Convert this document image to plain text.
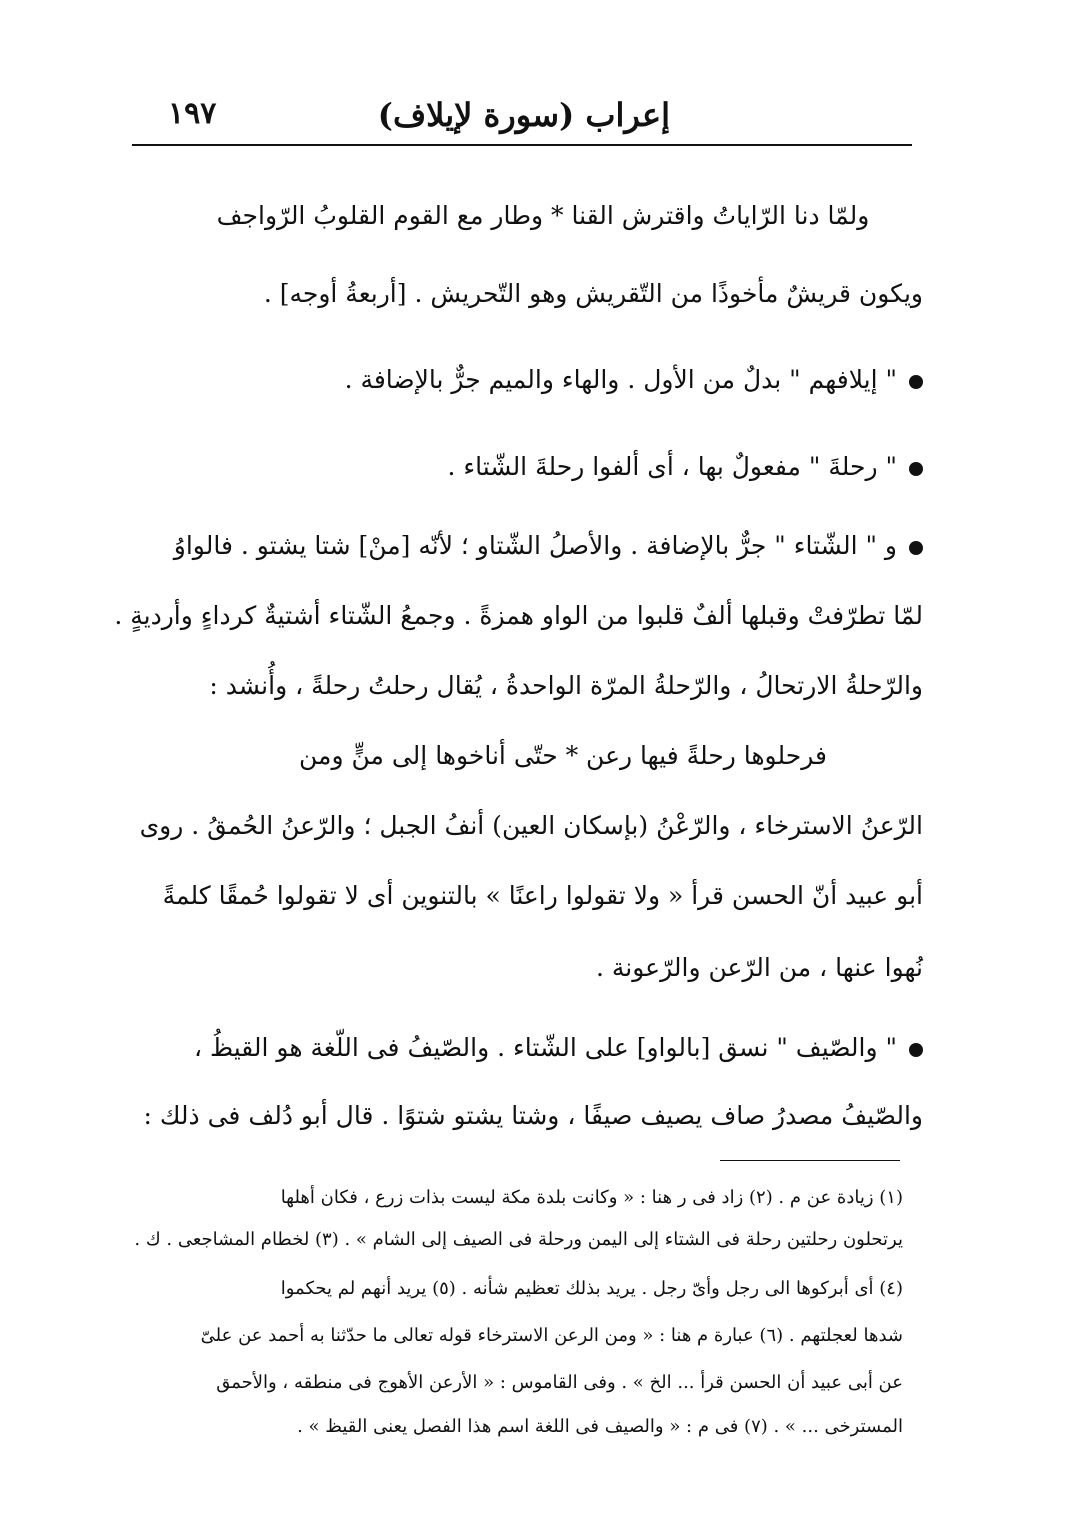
إعراب (سورة لإيلاف)
١٩٧
ولمّا دنا الرّاياتُ واقترش القنا * وطار مع القوم القلوبُ الرّواجف
ويكون قريشٌ مأخوذًا من التّقريش وهو التّحريش . [أربعةُ أوجه] .
" إيلافهم " بدلٌ من الأول . والهاء والميم جرٌّ بالإضافة .
" رحلةَ " مفعولٌ بها ، أى ألفوا رحلةَ الشّتاء .
و " الشّتاء " جرٌّ بالإضافة . والأصلُ الشّتاو ؛ لأنّه [منْ] شتا يشتو . فالواوُ
لمّا تطرّفتْ وقبلها ألفٌ قلبوا من الواو همزةً . وجمعُ الشّتاء أشتيةٌ كرداءٍ وأرديةٍ .
والرّحلةُ الارتحالُ ، والرّحلةُ المرّة الواحدةُ ، يُقال رحلتُ رحلةً ، وأُنشد :
فرحلوها رحلةً فيها رعن * حتّى أناخوها إلى منٍّ ومن
الرّعنُ الاسترخاء ، والرّعْنُ (بإسكان العين) أنفُ الجبل ؛ والرّعنُ الحُمقُ . روى
أبو عبيد أنّ الحسن قرأ « ولا تقولوا راعنًا » بالتنوين أى لا تقولوا حُمقًا كلمةً
نُهوا عنها ، من الرّعن والرّعونة .
" والصّيف " نسق [بالواو] على الشّتاء . والصّيفُ فى اللّغة هو القيظُ ،
والصّيفُ مصدرُ صاف يصيف صيفًا ، وشتا يشتو شتوًا . قال أبو دُلف فى ذلك :
(١) زيادة عن م . (٢) زاد فى ر هنا : « وكانت بلدة مكة ليست بذات زرع ، فكان أهلها
يرتحلون رحلتين رحلة فى الشتاء إلى اليمن ورحلة فى الصيف إلى الشام » . (٣) لخطام المشاجعى . ك .
(٤) أى أبركوها الى رجل وأىّ رجل . يريد بذلك تعظيم شأنه . (٥) يريد أنهم لم يحكموا
شدها لعجلتهم . (٦) عبارة م هنا : « ومن الرعن الاسترخاء قوله تعالى ما حدّثنا به أحمد عن علىّ
عن أبى عبيد أن الحسن قرأ ... الخ » . وفى القاموس : « الأرعن الأهوج فى منطقه ، والأحمق
المسترخى ... » . (٧) فى م : « والصيف فى اللغة اسم هذا الفصل يعنى القيظ » .
